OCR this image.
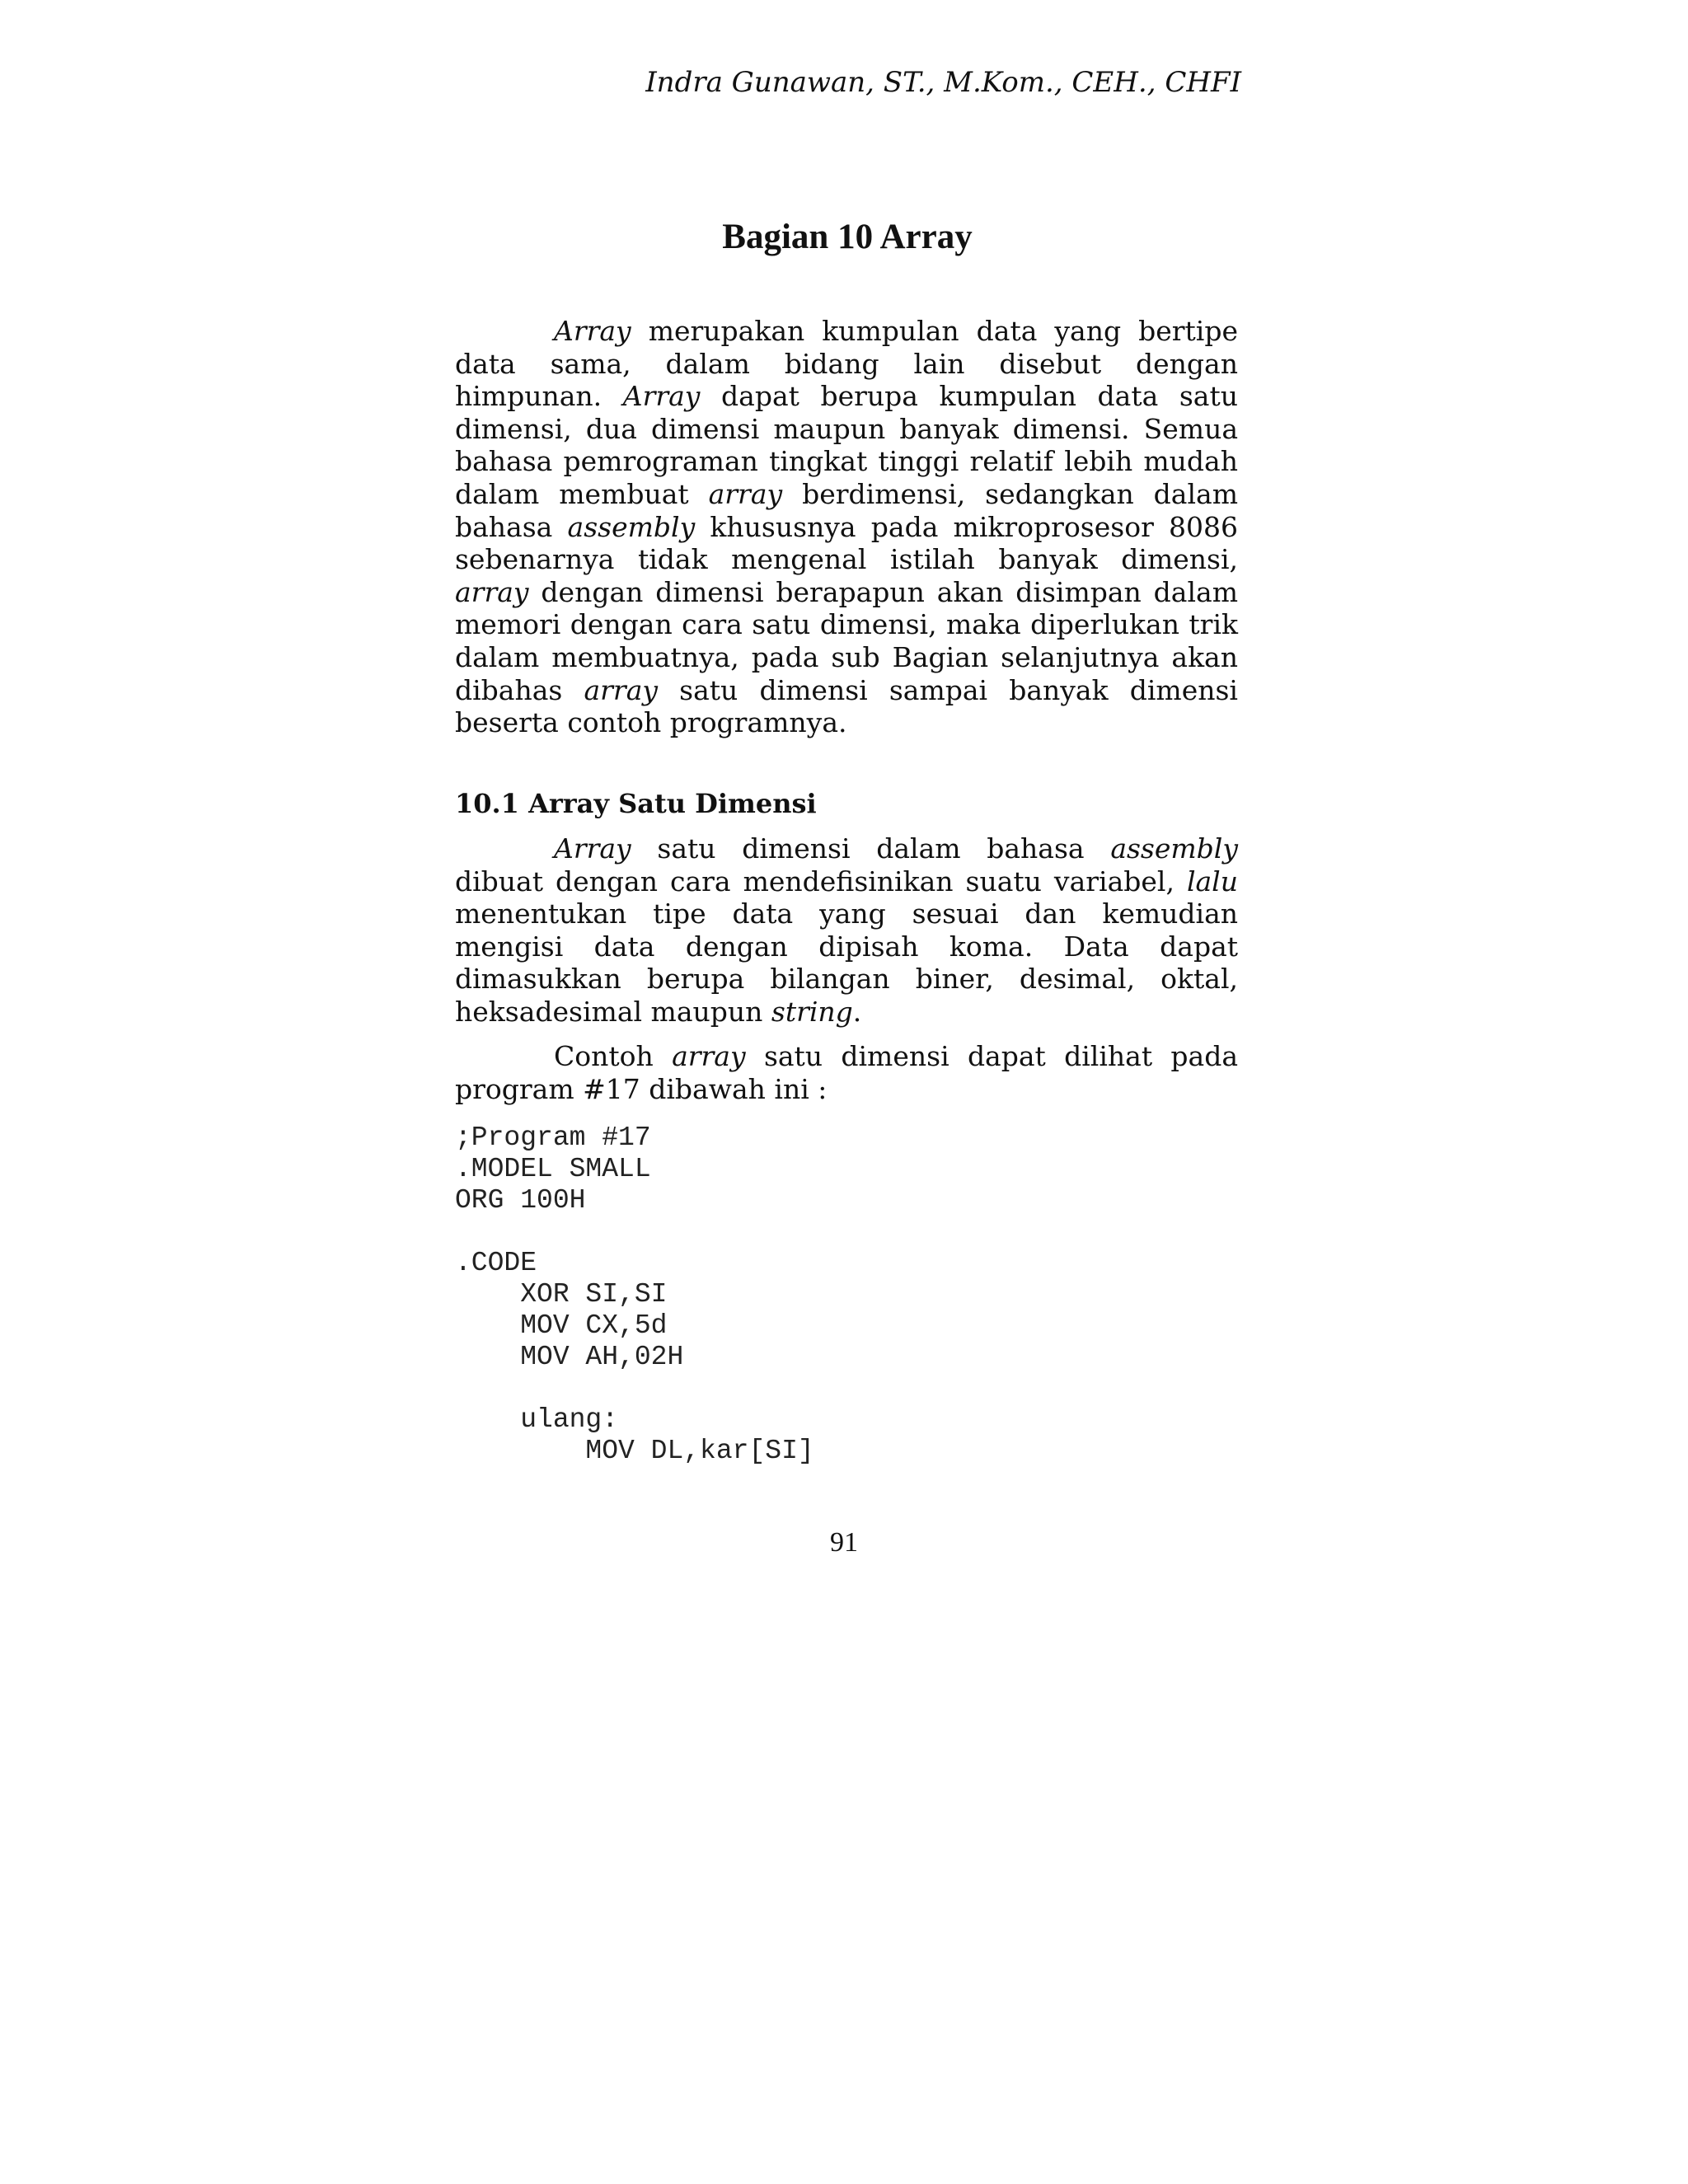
Indra Gunawan, ST., M.Kom., CEH., CHFI
Bagian 10 Array

Array merupakan kumpulan data yang bertipe data sama, dalam bidang lain disebut dengan himpunan. Array dapat berupa kumpulan data satu dimensi, dua dimensi maupun banyak dimensi. Semua bahasa pemrograman tingkat tinggi relatif lebih mudah dalam membuat array berdimensi, sedangkan dalam bahasa assembly khususnya pada mikroprosesor 8086 sebenarnya tidak mengenal istilah banyak dimensi, array dengan dimensi berapapun akan disimpan dalam memori dengan cara satu dimensi, maka diperlukan trik dalam membuatnya, pada sub Bagian selanjutnya akan dibahas array satu dimensi sampai banyak dimensi beserta contoh programnya.

10.1 Array Satu Dimensi

Array satu dimensi dalam bahasa assembly dibuat dengan cara mendefisinikan suatu variabel, lalu menentukan tipe data yang sesuai dan kemudian mengisi data dengan dipisah koma. Data dapat dimasukkan berupa bilangan biner, desimal, oktal, heksadesimal maupun string.

Contoh array satu dimensi dapat dilihat pada program #17 dibawah ini :

;Program #17
.MODEL SMALL
ORG 100H

.CODE
XOR SI,SI
MOV CX,5d
MOV AH,02H

ulang:
MOV DL,kar[SI]
91
